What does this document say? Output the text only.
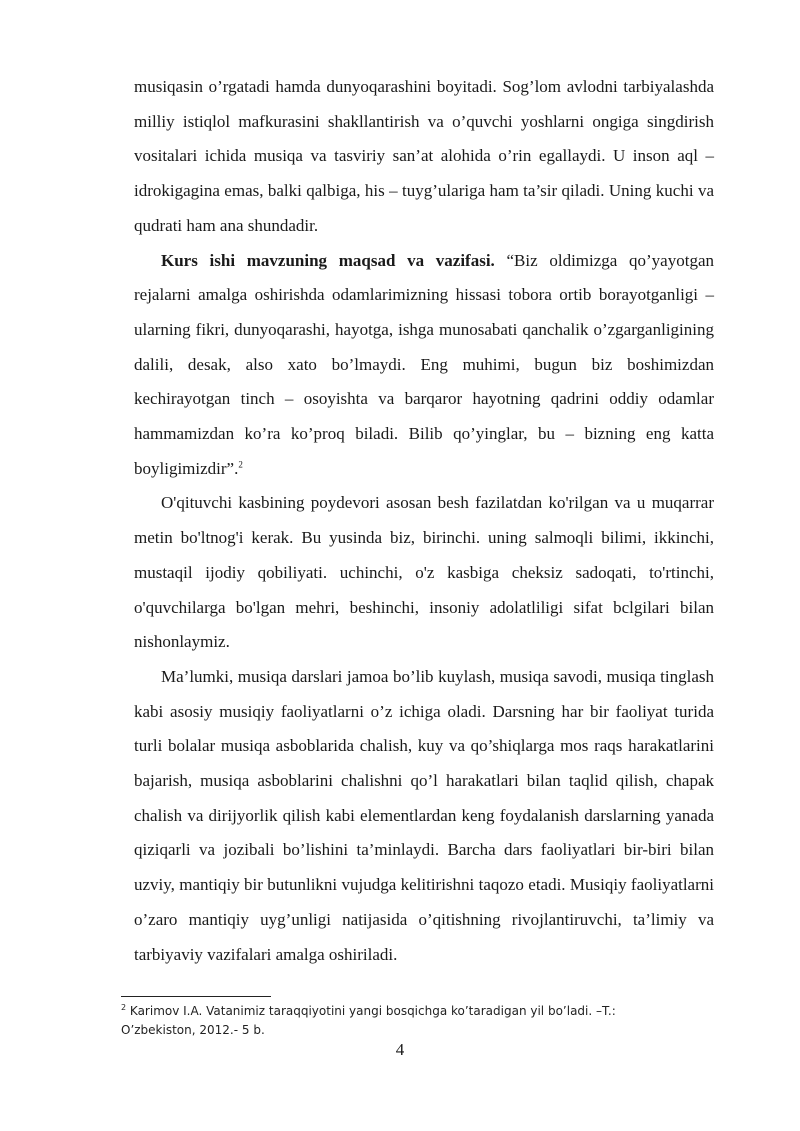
musiqasin o’rgatadi hamda dunyoqarashini boyitadi. Sog’lom avlodni tarbiyalashda milliy istiqlol mafkurasini shakllantirish va o’quvchi yoshlarni ongiga singdirish vositalari ichida musiqa va tasviriy san’at alohida o’rin egallaydi. U inson aql – idrokigagina emas, balki qalbiga, his – tuyg’ulariga ham ta’sir qiladi. Uning kuchi va qudrati ham ana shundadir.

Kurs ishi mavzuning maqsad va vazifasi. “Biz oldimizga qo’yayotgan rejalarni amalga oshirishda odamlarimizning hissasi tobora ortib borayotganligi – ularning fikri, dunyoqarashi, hayotga, ishga munosabati qanchalik o’zgarganligining dalili, desak, also xato bo’lmaydi. Eng muhimi, bugun biz boshimizdan kechirayotgan tinch – osoyishta va barqaror hayotning qadrini oddiy odamlar hammamizdan ko’ra ko’proq biladi. Bilib qo’yinglar, bu – bizning eng katta boyligimizdir”.$^2$

O'qituvchi kasbining poydevori asosan besh fazilatdan ko'rilgan va u muqarrar metin bo'ltnog'i kerak. Bu yusinda biz, birinchi. uning salmoqli bilimi, ikkinchi, mustaqil ijodiy qobiliyati. uchinchi, o'z kasbiga cheksiz sadoqati, to'rtinchi, o'quvchilarga bo'lgan mehri, beshinchi, insoniy adolatliligi sifat bclgilari bilan nishonlaymiz.

Ma’lumki, musiqa darslari jamoa bo’lib kuylash, musiqa savodi, musiqa tinglash kabi asosiy musiqiy faoliyatlarni o’z ichiga oladi. Darsning har bir faoliyat turida turli bolalar musiqa asboblarida chalish, kuy va qo’shiqlarga mos raqs harakatlarini bajarish, musiqa asboblarini chalishni qo’l harakatlari bilan taqlid qilish, chapak chalish va dirijyorlik qilish kabi elementlardan keng foydalanish darslarning yanada qiziqarli va jozibali bo’lishini ta’minlaydi. Barcha dars faoliyatlari bir-biri bilan uzviy, mantiqiy bir butunlikni vujudga kelitirishni taqozo etadi. Musiqiy faoliyatlarni o’zaro mantiqiy uyg’unligi natijasida o’qitishning rivojlantiruvchi, ta’limiy va tarbiyaviy vazifalari amalga oshiriladi.

$^2$ Karimov I.A. Vatanimiz taraqqiyotini yangi bosqichga ko’taradigan yil bo’ladi. –T.: O’zbekiston, 2012.- 5 b.
4
